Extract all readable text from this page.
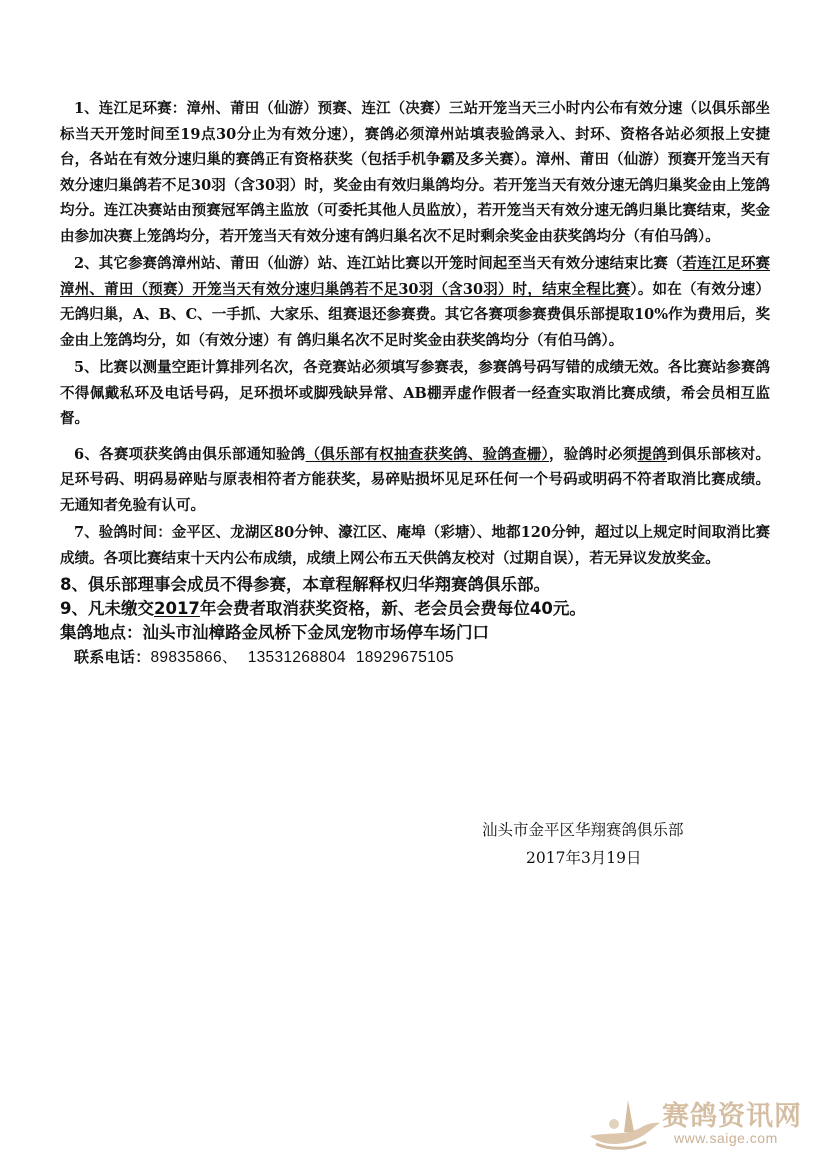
1、连江足环赛：漳州、莆田（仙游）预赛、连江（决赛）三站开笼当天三小时内公布有效分速（以俱乐部坐标当天开笼时间至19点30分止为有效分速），赛鸽必须漳州站填表验鸽录入、封环、资格各站必须报上安捷台，各站在有效分速归巢的赛鸽正有资格获奖（包括手机争霸及多关赛）。漳州、莆田（仙游）预赛开笼当天有效分速归巢鸽若不足30羽（含30羽）时，奖金由有效归巢鸽均分。若开笼当天有效分速无鸽归巢奖金由上笼鸽均分。连江决赛站由预赛冠军鸽主监放（可委托其他人员监放），若开笼当天有效分速无鸽归巢比赛结束，奖金由参加决赛上笼鸽均分，若开笼当天有效分速有鸽归巢名次不足时剩余奖金由获奖鸽均分（有伯马鸽）。

2、其它参赛鸽漳州站、莆田（仙游）站、连江站比赛以开笼时间起至当天有效分速结束比赛（若连江足环赛漳州、莆田（预赛）开笼当天有效分速归巢鸽若不足30羽（含30羽）时，结束全程比赛）。如在（有效分速）无鸽归巢，A、B、C、一手抓、大家乐、组赛退还参赛费。其它各赛项参赛费俱乐部提取10%作为费用后，奖金由上笼鸽均分，如（有效分速）有 鸽归巢名次不足时奖金由获奖鸽均分（有伯马鸽）。

5、比赛以测量空距计算排列名次，各竞赛站必须填写参赛表，参赛鸽号码写错的成绩无效。各比赛站参赛鸽不得佩戴私环及电话号码，足环损坏或脚残缺异常、AB棚弄虚作假者一经查实取消比赛成绩，希会员相互监督。

6、各赛项获奖鸽由俱乐部通知验鸽（俱乐部有权抽查获奖鸽、验鸽查栅），验鸽时必须提鸽到俱乐部核对。足环号码、明码易碎贴与原表相符者方能获奖，易碎贴损坏见足环任何一个号码或明码不符者取消比赛成绩。无通知者免验有认可。

7、验鸽时间：金平区、龙湖区80分钟、濠江区、庵埠（彩塘）、地都120分钟，超过以上规定时间取消比赛成绩。各项比赛结束十天内公布成绩，成绩上网公布五天供鸽友校对（过期自误），若无异议发放奖金。

8、俱乐部理事会成员不得参赛，本章程解释权归华翔赛鸽俱乐部。

9、凡未缴交2017年会费者取消获奖资格，新、老会员会费每位40元。

集鸽地点：汕头市汕樟路金凤桥下金凤宠物市场停车场门口

联系电话：89835866、 13531268804 18929675105

汕头市金平区华翔赛鸽俱乐部
2017年3月19日
赛鸽资讯网
www.saige.com
